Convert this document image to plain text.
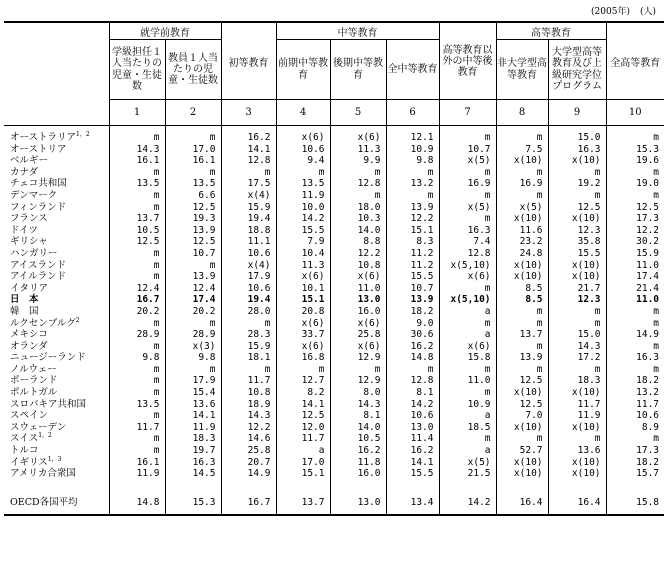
(2005年) (人)
	就学前教育		初等教育	中等教育			高等教育以外の中等後教育	高等教育		全高等教育
	学級担任１人当たりの児童・生徒数	教員１人当たりの児童・生徒数		前期中等教育	後期中等教育	全中等教育		非大学型高等教育	大学型高等教育及び上級研究学位プログラム	
	1	2	3	4	5	6	7	8	9	10
オーストラリア$^{1,2}$	m	m	16.2	x(6)	x(6)	12.1	m	m	15.0	m
オーストリア	14.3	17.0	14.1	10.6	11.3	10.9	10.7	7.5	16.3	15.3
ベルギー	16.1	16.1	12.8	9.4	9.9	9.8	x(5)	x(10)	x(10)	19.6
カナダ	m	m	m	m	m	m	m	m	m	m
チェコ共和国	13.5	13.5	17.5	13.5	12.8	13.2	16.9	16.9	19.2	19.0
デンマーク	m	6.6	x(4)	11.9	m	m	m	m	m	m
フィンランド	m	12.5	15.9	10.0	18.0	13.9	x(5)	x(5)	12.5	12.5
フランス	13.7	19.3	19.4	14.2	10.3	12.2	m	x(10)	x(10)	17.3
ドイツ	10.5	13.9	18.8	15.5	14.0	15.1	16.3	11.6	12.3	12.2
ギリシャ	12.5	12.5	11.1	7.9	8.8	8.3	7.4	23.2	35.8	30.2
ハンガリー	m	10.7	10.6	10.4	12.2	11.2	12.8	24.8	15.5	15.9
アイスランド	m	m	x(4)	11.3	10.8	11.2	x(5,10)	x(10)	x(10)	11.0
アイルランド	m	13.9	17.9	x(6)	x(6)	15.5	x(6)	x(10)	x(10)	17.4
イタリア	12.4	12.4	10.6	10.1	11.0	10.7	m	8.5	21.7	21.4
日　本	16.7	17.4	19.4	15.1	13.0	13.9	x(5,10)	8.5	12.3	11.0
韓　国	20.2	20.2	28.0	20.8	16.0	18.2	a	m	m	m
ルクセンブルグ$^2$	m	m	m	x(6)	x(6)	9.0	m	m	m	m
メキシコ	28.9	28.9	28.3	33.7	25.8	30.6	a	13.7	15.0	14.9
オランダ	m	x(3)	15.9	x(6)	x(6)	16.2	x(6)	m	14.3	m
ニュージーランド	9.8	9.8	18.1	16.8	12.9	14.8	15.8	13.9	17.2	16.3
ノルウェー	m	m	m	m	m	m	m	m	m	m
ポーランド	m	17.9	11.7	12.7	12.9	12.8	11.0	12.5	18.3	18.2
ポルトガル	m	15.4	10.8	8.2	8.0	8.1	m	x(10)	x(10)	13.2
スロバキア共和国	13.5	13.6	18.9	14.1	14.3	14.2	10.9	12.5	11.7	11.7
スペイン	m	14.1	14.3	12.5	8.1	10.6	a	7.0	11.9	10.6
スウェーデン	11.7	11.9	12.2	12.0	14.0	13.0	18.5	x(10)	x(10)	8.9
スイス$^{1,2}$	m	18.3	14.6	11.7	10.5	11.4	m	m	m	m
トルコ	m	19.7	25.8	a	16.2	16.2	a	52.7	13.6	17.3
イギリス$^{1,3}$	16.1	16.3	20.7	17.0	11.8	14.1	x(5)	x(10)	x(10)	18.2
アメリカ合衆国	11.9	14.5	14.9	15.1	16.0	15.5	21.5	x(10)	x(10)	15.7

OECD各国平均	14.8	15.3	16.7	13.7	13.0	13.4	14.2	16.4	16.4	15.8
